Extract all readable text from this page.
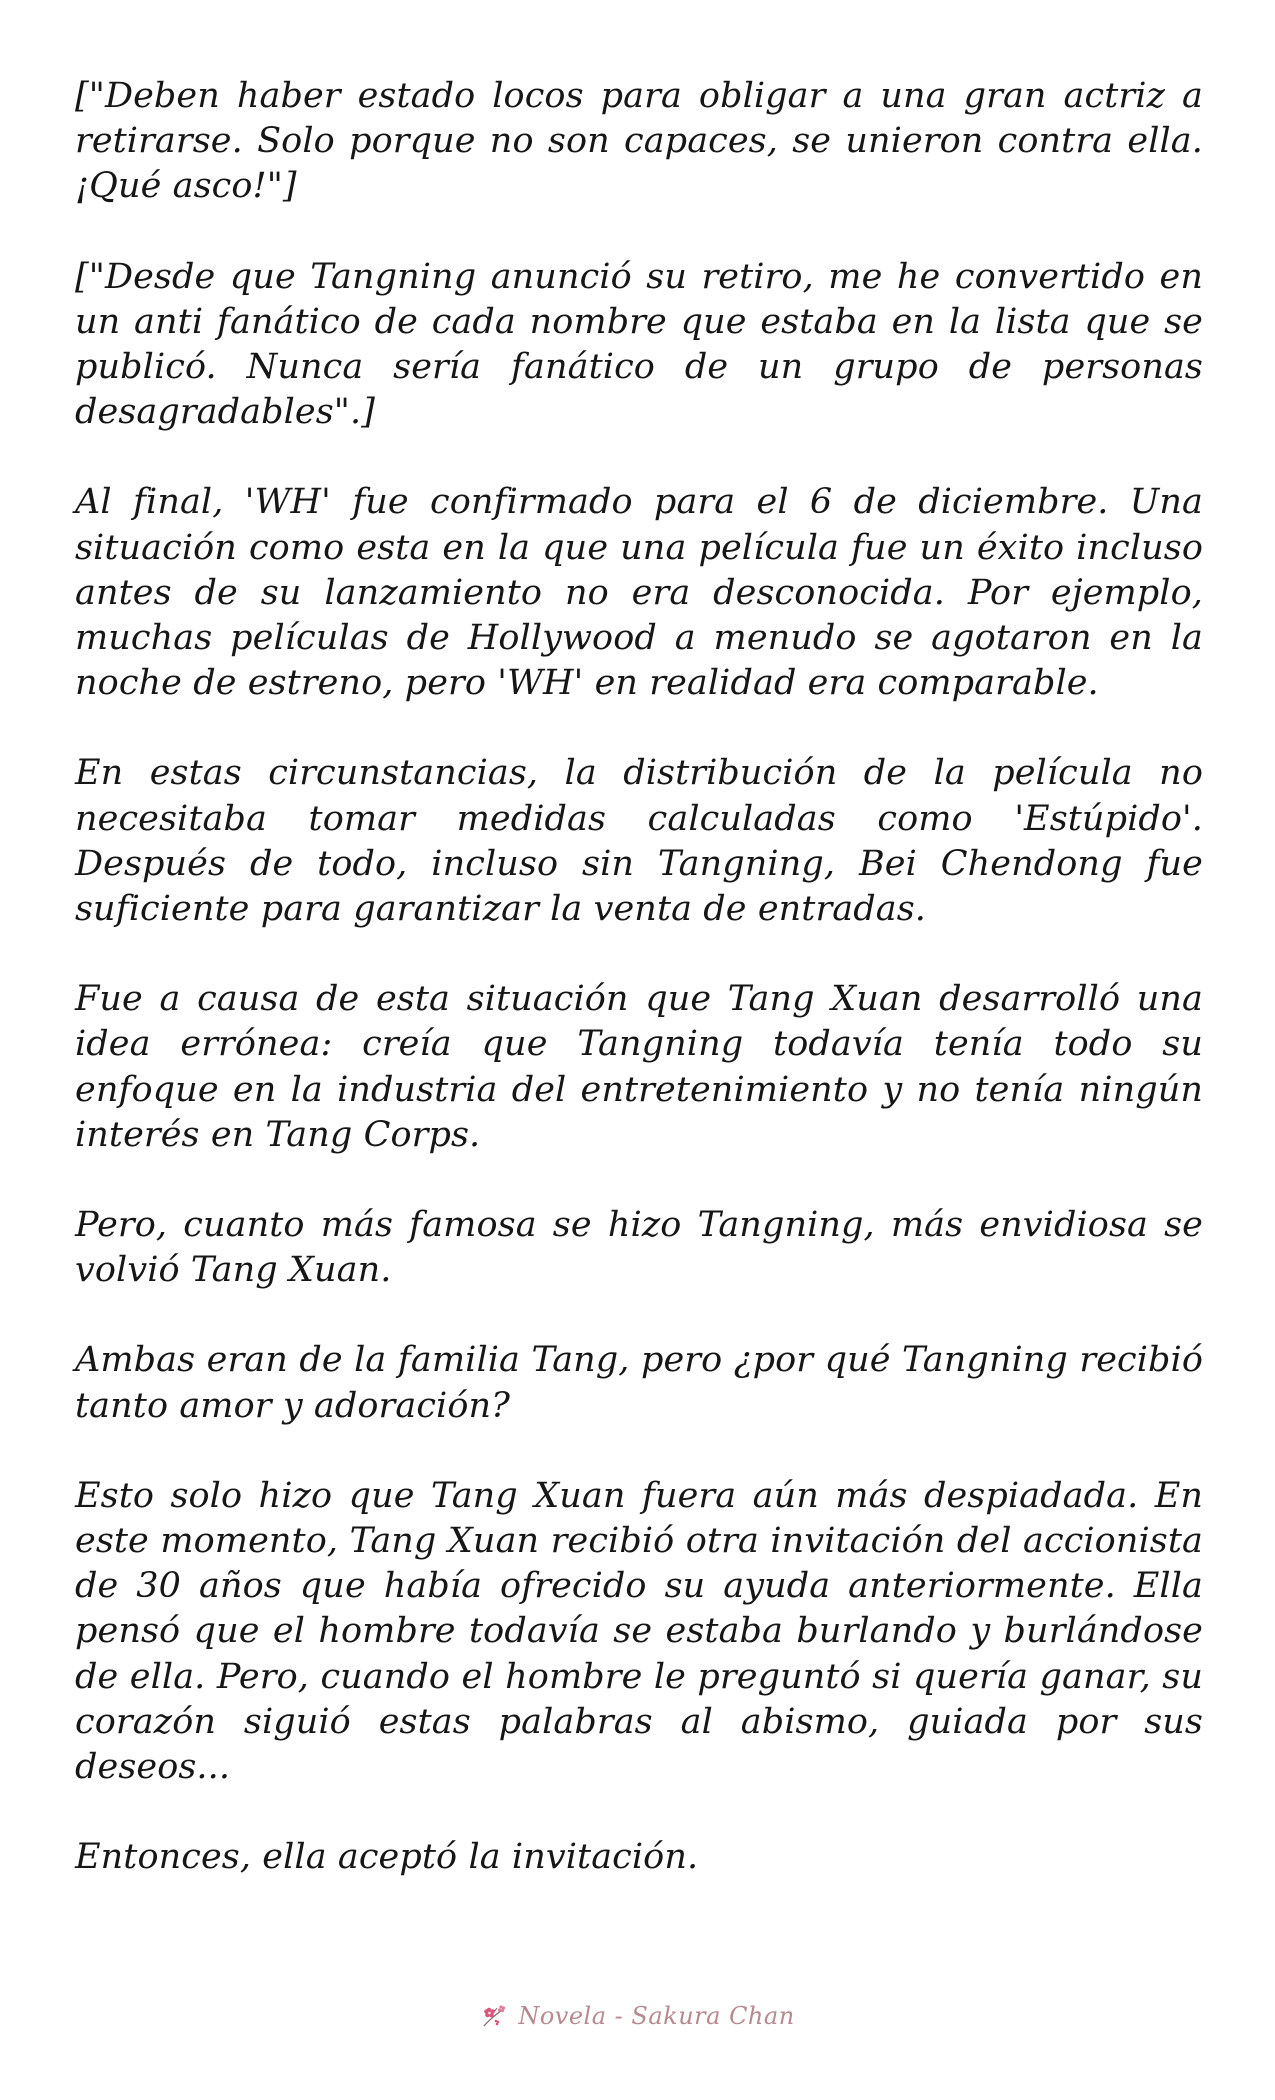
["Deben haber estado locos para obligar a una gran actriz a retirarse. Solo porque no son capaces, se unieron contra ella. ¡Qué asco!"]

["Desde que Tangning anunció su retiro, me he convertido en un anti fanático de cada nombre que estaba en la lista que se publicó. Nunca sería fanático de un grupo de personas desagradables".]

Al final, 'WH' fue confirmado para el 6 de diciembre. Una situación como esta en la que una película fue un éxito incluso antes de su lanzamiento no era desconocida. Por ejemplo, muchas películas de Hollywood a menudo se agotaron en la noche de estreno, pero 'WH' en realidad era comparable.

En estas circunstancias, la distribución de la película no necesitaba tomar medidas calculadas como 'Estúpido'. Después de todo, incluso sin Tangning, Bei Chendong fue suficiente para garantizar la venta de entradas.

Fue a causa de esta situación que Tang Xuan desarrolló una idea errónea: creía que Tangning todavía tenía todo su enfoque en la industria del entretenimiento y no tenía ningún interés en Tang Corps.

Pero, cuanto más famosa se hizo Tangning, más envidiosa se volvió Tang Xuan.

Ambas eran de la familia Tang, pero ¿por qué Tangning recibió tanto amor y adoración?

Esto solo hizo que Tang Xuan fuera aún más despiadada. En este momento, Tang Xuan recibió otra invitación del accionista de 30 años que había ofrecido su ayuda anteriormente. Ella pensó que el hombre todavía se estaba burlando y burlándose de ella. Pero, cuando el hombre le preguntó si quería ganar, su corazón siguió estas palabras al abismo, guiada por sus deseos...

Entonces, ella aceptó la invitación.

Novela - Sakura Chan
